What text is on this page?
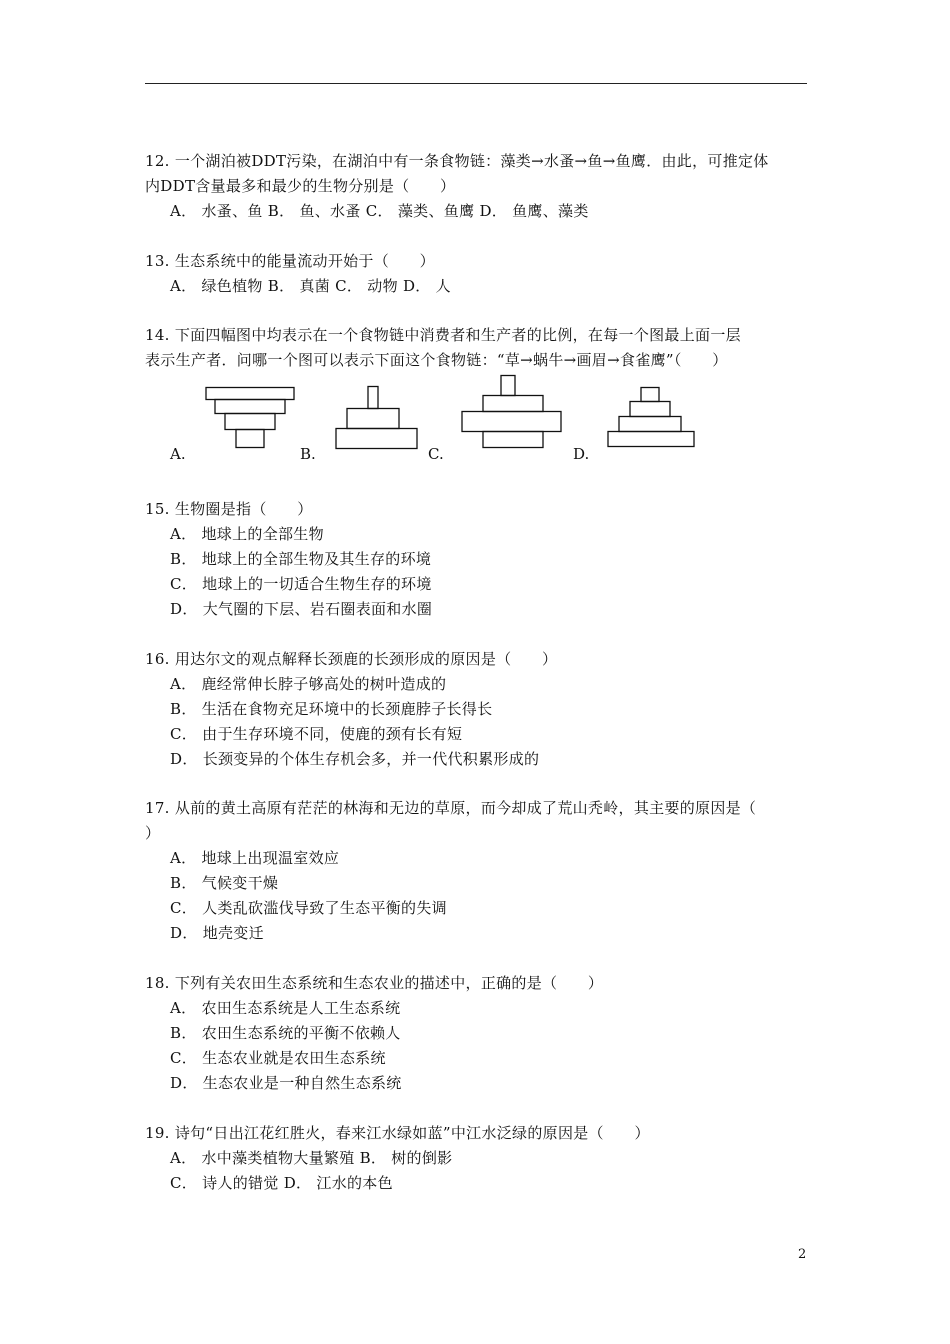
12. 一个湖泊被DDT污染，在湖泊中有一条食物链：藻类→水蚤→鱼→鱼鹰．由此，可推定体
内DDT含量最多和最少的生物分别是（　　）
A． 水蚤、鱼 B． 鱼、水蚤 C． 藻类、鱼鹰 D． 鱼鹰、藻类
13. 生态系统中的能量流动开始于（　　）
A． 绿色植物 B． 真菌 C． 动物 D． 人
14. 下面四幅图中均表示在一个食物链中消费者和生产者的比例，在每一个图最上面一层
表示生产者．问哪一个图可以表示下面这个食物链：“草→蜗牛→画眉→食雀鹰”（　　）
A.	B.	C.	D.
15. 生物圈是指（　　）
A． 地球上的全部生物
B． 地球上的全部生物及其生存的环境
C． 地球上的一切适合生物生存的环境
D． 大气圈的下层、岩石圈表面和水圈
16. 用达尔文的观点解释长颈鹿的长颈形成的原因是（　　）
A． 鹿经常伸长脖子够高处的树叶造成的
B． 生活在食物充足环境中的长颈鹿脖子长得长
C． 由于生存环境不同，使鹿的颈有长有短
D． 长颈变异的个体生存机会多，并一代代积累形成的
17. 从前的黄土高原有茫茫的林海和无边的草原，而今却成了荒山秃岭，其主要的原因是（
）
A． 地球上出现温室效应
B． 气候变干燥
C． 人类乱砍滥伐导致了生态平衡的失调
D． 地壳变迁
18. 下列有关农田生态系统和生态农业的描述中，正确的是（　　）
A． 农田生态系统是人工生态系统
B． 农田生态系统的平衡不依赖人
C． 生态农业就是农田生态系统
D． 生态农业是一种自然生态系统
19. 诗句“日出江花红胜火，春来江水绿如蓝”中江水泛绿的原因是（　　）
A． 水中藻类植物大量繁殖 B． 树的倒影
C． 诗人的错觉 D． 江水的本色
2
